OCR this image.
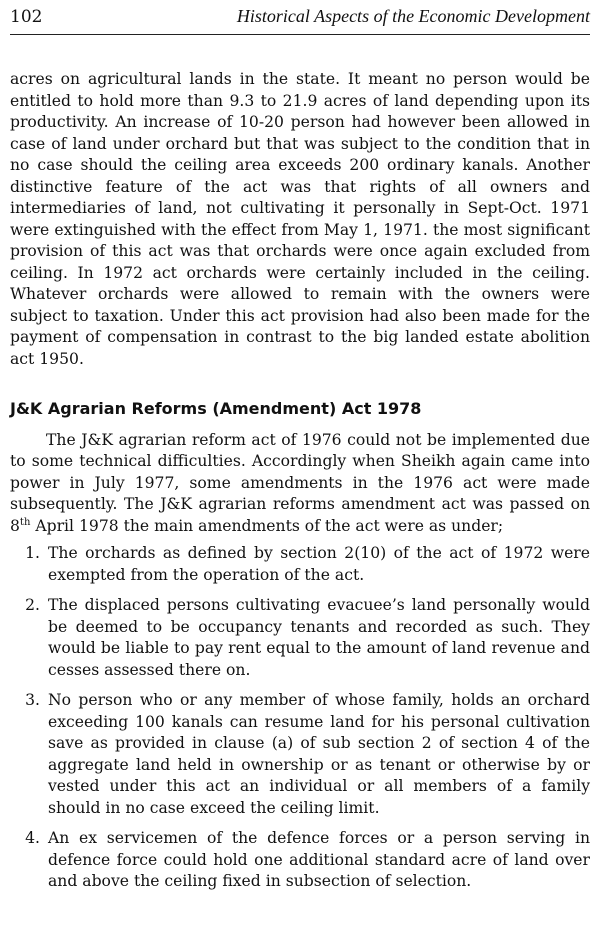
102	Historical Aspects of the Economic Development

acres on agricultural lands in the state. It meant no person would be entitled to hold more than 9.3 to 21.9 acres of land depending upon its productivity. An increase of 10-20 person had however been allowed in case of land under orchard but that was subject to the condition that in no case should the ceiling area exceeds 200 ordinary kanals. Another distinctive feature of the act was that rights of all owners and intermediaries of land, not cultivating it personally in Sept-Oct. 1971 were extinguished with the effect from May 1, 1971. the most significant provision of this act was that orchards were once again excluded from ceiling. In 1972 act orchards were certainly included in the ceiling. Whatever orchards were allowed to remain with the owners were subject to taxation. Under this act provision had also been made for the payment of compensation in contrast to the big landed estate abolition act 1950.

J&K Agrarian Reforms (Amendment) Act 1978

The J&K agrarian reform act of 1976 could not be implemented due to some technical difficulties. Accordingly when Sheikh again came into power in July 1977, some amendments in the 1976 act were made subsequently. The J&K agrarian reforms amendment act was passed on 8th April 1978 the main amendments of the act were as under;

1. The orchards as defined by section 2(10) of the act of 1972 were exempted from the operation of the act.
2. The displaced persons cultivating evacuee’s land personally would be deemed to be occupancy tenants and recorded as such. They would be liable to pay rent equal to the amount of land revenue and cesses assessed there on.
3. No person who or any member of whose family, holds an orchard exceeding 100 kanals can resume land for his personal cultivation save as provided in clause (a) of sub section 2 of section 4 of the aggregate land held in ownership or as tenant or otherwise by or vested under this act an individual or all members of a family should in no case exceed the ceiling limit.
4. An ex servicemen of the defence forces or a person serving in defence force could hold one additional standard acre of land over and above the ceiling fixed in subsection of selection.
